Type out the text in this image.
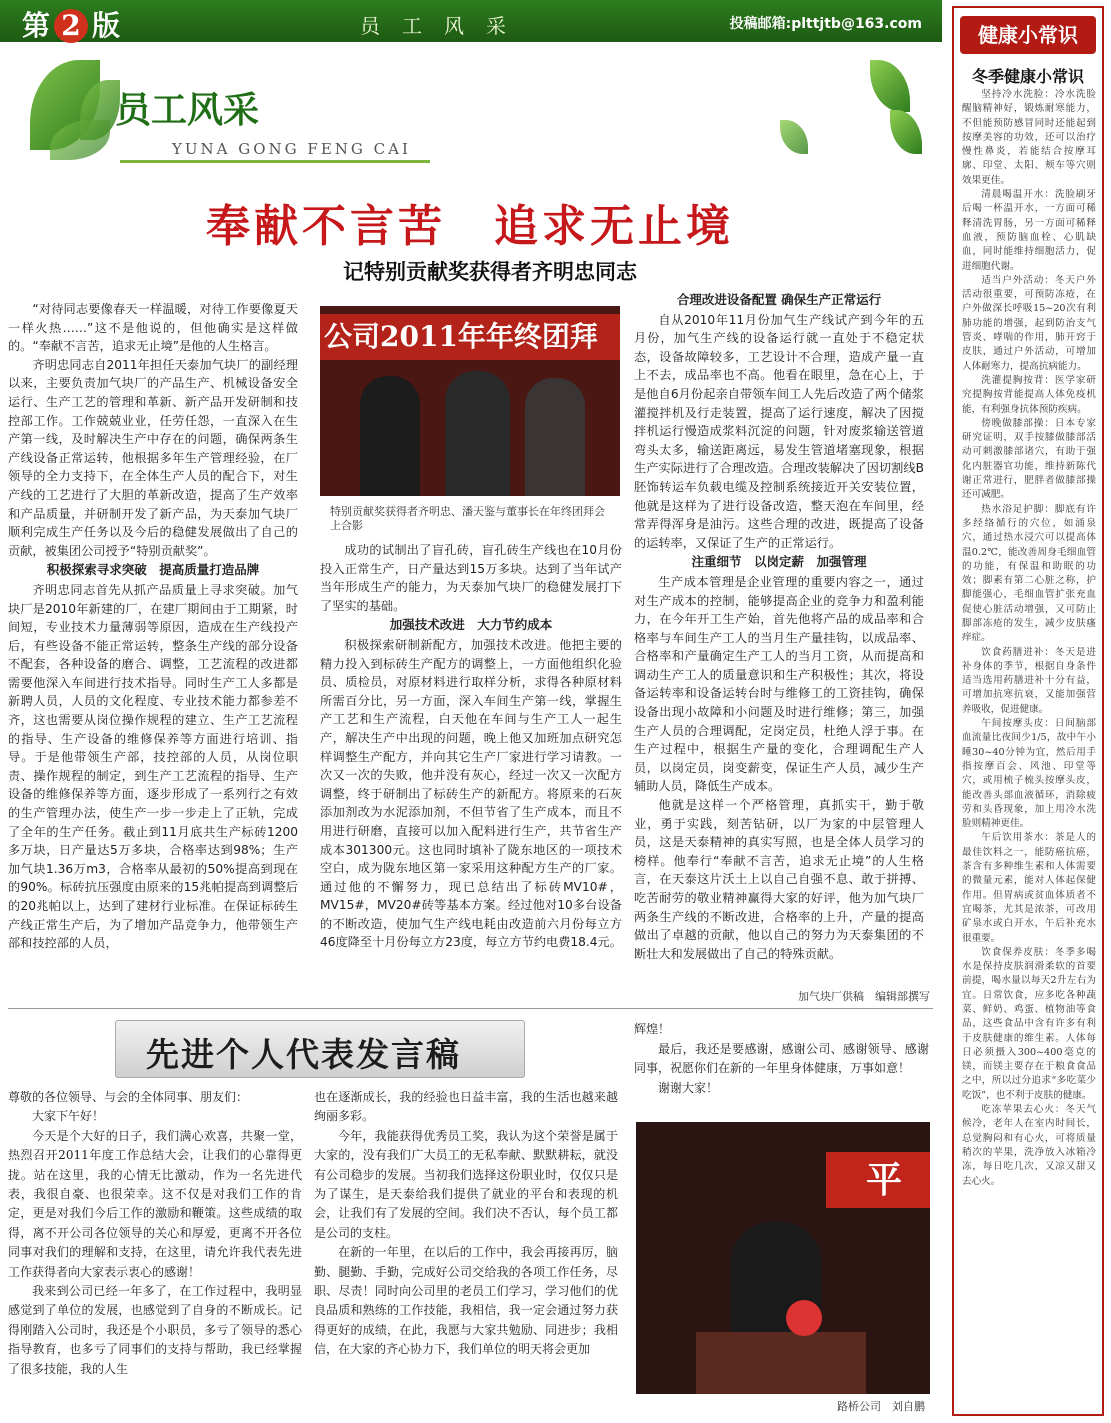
第 2 版	员工风采	投稿邮箱:plttjtb@163.com
员工风采
YUNA GONG FENG CAI
奉献不言苦　追求无止境
记特别贡献奖获得者齐明忠同志

“对待同志要像春天一样温暖，对待工作要像夏天一样火热……”这不是他说的，但他确实是这样做的。“奉献不言苦，追求无止境”是他的人生格言。

齐明忠同志自2011年担任天泰加气块厂的副经理以来，主要负责加气块厂的产品生产、机械设备安全运行、生产工艺的管理和革新、新产品开发研制和技控部工作。工作兢兢业业，任劳任怨，一直深入在生产第一线，及时解决生产中存在的问题，确保两条生产线设备正常运转，他根据多年生产管理经验，在厂领导的全力支持下，在全体生产人员的配合下，对生产线的工艺进行了大胆的革新改造，提高了生产效率和产品质量，并研制开发了新产品，为天泰加气块厂顺利完成生产任务以及今后的稳健发展做出了自己的贡献，被集团公司授予“特别贡献奖”。

积极探索寻求突破　提高质量打造品牌

齐明忠同志首先从抓产品质量上寻求突破。加气块厂是2010年新建的厂，在建厂期间由于工期紧，时间短，专业技术力量薄弱等原因，造成在生产线投产后，有些设备不能正常运转，整条生产线的部分设备不配套，各种设备的磨合、调整，工艺流程的改进都需要他深入车间进行技术指导。同时生产工人多都是新聘人员，人员的文化程度、专业技术能力都参差不齐，这也需要从岗位操作规程的建立、生产工艺流程的指导、生产设备的维修保养等方面进行培训、指导。于是他带领生产部，技控部的人员，从岗位职责、操作规程的制定，到生产工艺流程的指导、生产设备的维修保养等方面，逐步形成了一系列行之有效的生产管理办法，使生产一步一步走上了正轨，完成了全年的生产任务。截止到11月底共生产标砖1200多万块，日产量达5万多块，合格率达到98%；生产加气块1.36万m3，合格率从最初的50%提高到现在的90%。标砖抗压强度由原来的15兆帕提高到调整后的20兆帕以上，达到了建材行业标准。在保证标砖生产线正常生产后，为了增加产品竞争力，他带领生产部和技控部的人员，

公司2011年年终团拜
特别贡献奖获得者齐明忠、潘天鉴与董事长在年终团拜会上合影

成功的试制出了盲孔砖，盲孔砖生产线也在10月份投入正常生产，日产量达到15万多块。达到了当年试产当年形成生产的能力，为天泰加气块厂的稳健发展打下了坚实的基础。

加强技术改进　大力节约成本

积极探索研制新配方，加强技术改进。他把主要的精力投入到标砖生产配方的调整上，一方面他组织化验员、质检员，对原材料进行取样分析，求得各种原材料所需百分比，另一方面，深入车间生产第一线，掌握生产工艺和生产流程，白天他在车间与生产工人一起生产，解决生产中出现的问题，晚上他又加班加点研究怎样调整生产配方，并向其它生产厂家进行学习请教。一次又一次的失败，他并没有灰心，经过一次又一次配方调整，终于研制出了标砖生产的新配方。将原来的石灰添加剂改为水泥添加剂，不但节省了生产成本，而且不用进行研磨，直接可以加入配料进行生产，共节省生产成本301300元。这也同时填补了陇东地区的一项技术空白，成为陇东地区第一家采用这种配方生产的厂家。通过他的不懈努力，现已总结出了标砖MV10#，MV15#，MV20#砖等基本方案。经过他对10多台设备的不断改造，使加气生产线电耗由改造前六月份每立方46度降至十月份每立方23度，每立方节约电费18.4元。

合理改进设备配置 确保生产正常运行

自从2010年11月份加气生产线试产到今年的五月份，加气生产线的设备运行就一直处于不稳定状态，设备故障较多，工艺设计不合理，造成产量一直上不去，成品率也不高。他看在眼里，急在心上，于是他自6月份起亲自带领车间工人先后改造了两个储浆灌搅拌机及行走装置，提高了运行速度，解决了因搅拌机运行慢造成浆料沉淀的问题，针对废浆输送管道弯头太多，输送距离远，易发生管道堵塞现象，根据生产实际进行了合理改造。合理改装解决了因切割线B胚饰转运车负载电缆及控制系统接近开关安装位置，他就是这样为了进行设备改造，整天泡在车间里，经常弄得浑身是油污。这些合理的改进，既提高了设备的运转率，又保证了生产的正常运行。

注重细节　以岗定薪　加强管理

生产成本管理是企业管理的重要内容之一，通过对生产成本的控制，能够提高企业的竞争力和盈利能力，在今年开工生产始，首先他将产品的成品率和合格率与车间生产工人的当月生产量挂钩，以成品率、合格率和产量确定生产工人的当月工资，从而提高和调动生产工人的质量意识和生产积极性；其次，将设备运转率和设备运转台时与维修工的工资挂钩，确保设备出现小故障和小问题及时进行维修；第三，加强生产人员的合理调配，定岗定员，杜绝人浮于事。在生产过程中，根据生产量的变化，合理调配生产人员，以岗定员，岗变薪变，保证生产人员，减少生产辅助人员，降低生产成本。

他就是这样一个严格管理，真抓实干，勤于敬业，勇于实践，刻苦钻研，以厂为家的中层管理人员，这是天泰精神的真实写照，也是全体人员学习的榜样。他奉行“奉献不言苦，追求无止境”的人生格言，在天泰这片沃土上以自己自强不息、敢于拼搏、吃苦耐劳的敬业精神赢得大家的好评，他为加气块厂两条生产线的不断改进，合格率的上升，产量的提高做出了卓越的贡献，他以自己的努力为天泰集团的不断壮大和发展做出了自己的特殊贡献。

加气块厂供稿　编辑部撰写
先进个人代表发言稿

尊敬的各位领导、与会的全体同事、朋友们：

大家下午好！

今天是个大好的日子，我们满心欢喜，共聚一堂，热烈召开2011年度工作总结大会，让我们的心靠得更拢。站在这里，我的心情无比激动，作为一名先进代表，我很自豪、也很荣幸。这不仅是对我们工作的肯定，更是对我们今后工作的激励和鞭策。这些成绩的取得，离不开公司各位领导的关心和厚爱，更离不开各位同事对我们的理解和支持，在这里，请允许我代表先进工作获得者向大家表示衷心的感谢！

我来到公司已经一年多了，在工作过程中，我明显感觉到了单位的发展，也感觉到了自身的不断成长。记得刚踏入公司时，我还是个小职员，多亏了领导的悉心指导教育，也多亏了同事们的支持与帮助，我已经掌握了很多技能，我的人生

也在逐渐成长，我的经验也日益丰富，我的生活也越来越绚丽多彩。

今年，我能获得优秀员工奖，我认为这个荣誉是属于大家的，没有我们广大员工的无私奉献、默默耕耘，就没有公司稳步的发展。当初我们选择这份职业时，仅仅只是为了谋生，是天泰给我们提供了就业的平台和表现的机会，让我们有了发展的空间。我们决不否认，每个员工都是公司的支柱。

在新的一年里，在以后的工作中，我会再接再厉，脑勤、腿勤、手勤，完成好公司交给我的各项工作任务，尽职、尽责！同时向公司里的老员工们学习，学习他们的优良品质和熟练的工作技能，我相信，我一定会通过努力获得更好的成绩，在此，我愿与大家共勉励、同进步；我相信，在大家的齐心协力下，我们单位的明天将会更加

辉煌！

最后，我还是要感谢，感谢公司、感谢领导、感谢同事，祝愿你们在新的一年里身体健康，万事如意！

谢谢大家！

平
路桥公司　刘自鹏
健康小常识
冬季健康小常识

坚持冷水洗脸：冷水洗脸醒脑精神好，锻炼耐寒能力，不但能预防感冒同时还能起到按摩美容的功效，还可以治疗慢性鼻炎，若能结合按摩耳廓、印堂、太阳、颊车等穴则效果更佳。

清晨喝温开水：洗脸刷牙后喝一杯温开水，一方面可稀释清洗胃肠，另一方面可稀释血液，预防脑血栓、心肌缺血，同时能维持细胞活力，促进细胞代谢。

适当户外活动：冬天户外活动很重要，可预防冻疮，在户外做深长呼吸15~20次有利肺功能的增强，起到防治支气管炎、哮喘的作用，肺开窍于皮肤，通过户外活动，可增加人体耐寒力，提高抗病能力。

洗灌提胸按背：医学家研究提胸按背能提高人体免疫机能，有利强身抗体预防疾病。

傍晚做膝部操：日本专家研究证明，双手按膝做膝部活动可刺激膝部诸穴，有助于强化内脏器官功能，维持新陈代谢正常进行，肥胖者做膝部操还可减肥。

热水浴足护脚：脚底有许多经络循行的穴位，如涌泉穴，通过热水浸穴可以提高体温0.2℃，能改善周身毛细血管的功能，有保温和助眠的功效；脚素有第二心脏之称，护脚能强心，毛细血管扩张充血促使心脏活动增强，又可防止脚部冻疮的发生，减少皮肤瘙痒症。

饮食药膳进补：冬天是进补身体的季节，根据自身条件适当选用药膳进补十分有益，可增加抗寒抗衰，又能加强营养吸收，促进健康。

午间按摩头皮：日间脑部血流量比夜间少1/5，故中午小睡30~40分钟为宜，然后用手指按摩百会、风池、印堂等穴，或用梳子梳头按摩头皮，能改善头部血液循环，消除疲劳和头昏现象，加上用冷水洗脸则精神更佳。

午后饮用茶水：茶是人的最佳饮料之一，能防癌抗癌，茶含有多种维生素和人体需要的微量元素，能对人体起保健作用。但胃病或贫血体质者不宜喝茶，尤其是浓茶，可改用矿泉水或白开水，午后补充水很重要。

饮食保养皮肤：冬季多喝水是保持皮肤润滑柔软的首要前提，喝水量以每天2升左右为宜。日常饮食，应多吃各种蔬菜、鲜奶、鸡蛋、植物油等食品，这些食品中含有许多有利于皮肤健康的维生素。人体每日必须摄入300~400毫克的镁，而镁主要存在于粮食食品之中，所以过分追求“多吃菜少吃饭”，也不利于皮肤的健康。

吃冻苹果去心火：冬天气候冷，老年人在室内时间长，总觉胸闷和有心火，可将质量稍次的苹果，洗净放入冰箱冷冻，每日吃几次，又凉又甜又去心火。
